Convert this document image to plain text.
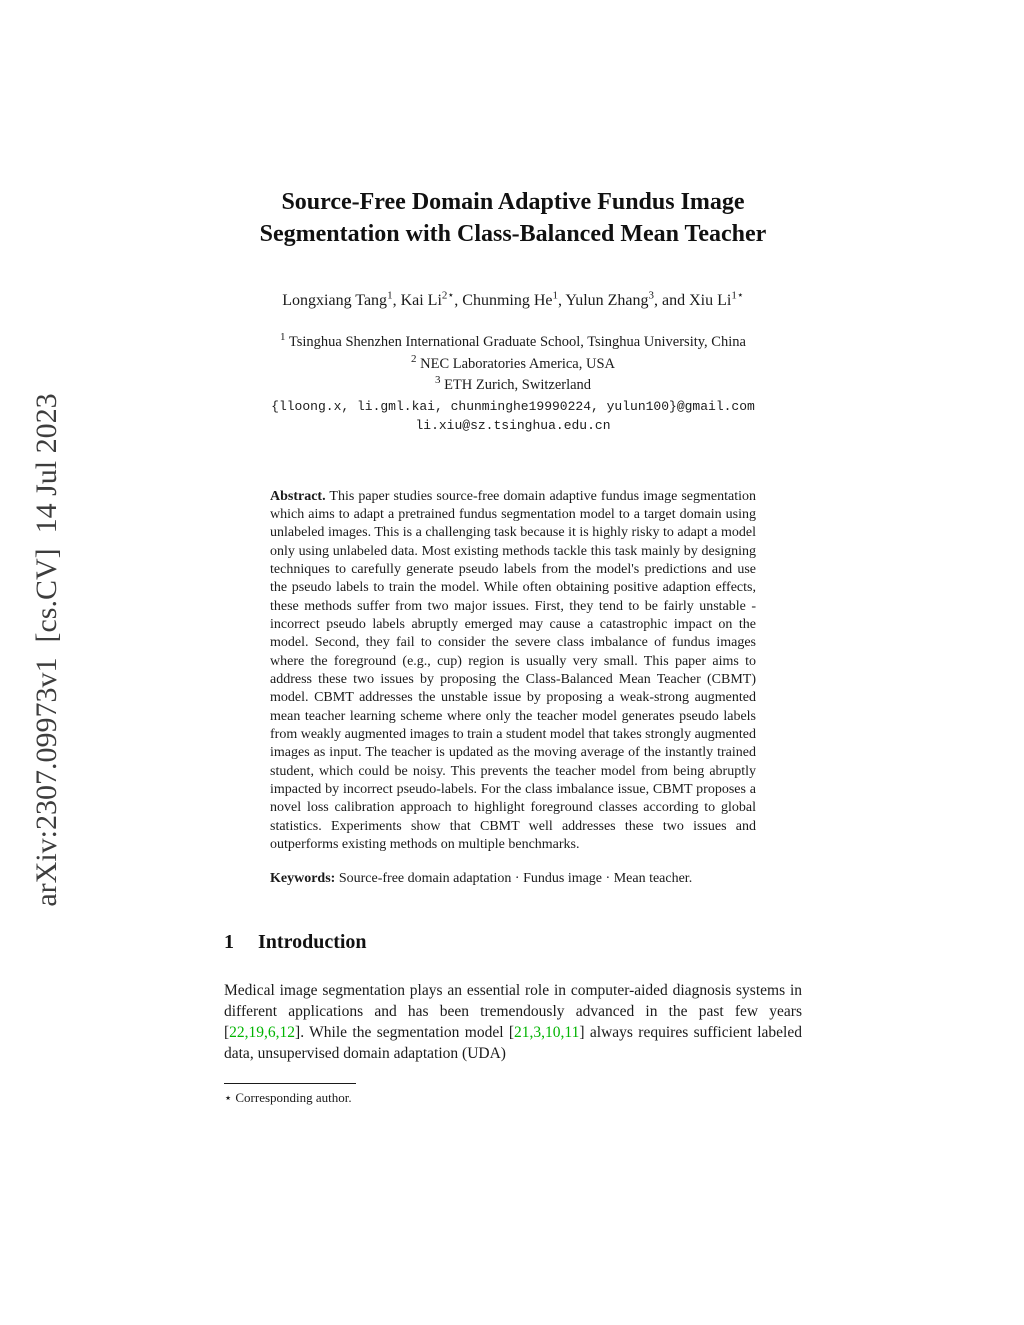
arXiv:2307.09973v1  [cs.CV]  14 Jul 2023
Source-Free Domain Adaptive Fundus Image
Segmentation with Class-Balanced Mean Teacher
Longxiang Tang$^1$, Kai $Li^{2⋆}$, Chunming He$^1$, Yulun Zhang$^3$, and Xiu $Li^{1⋆}$
$^1$ Tsinghua Shenzhen International Graduate School, Tsinghua University, China
$^2$ NEC Laboratories America, USA
$^3$ ETH Zurich, Switzerland
{lloong.x, li.gml.kai, chunminghe19990224, yulun100}@gmail.com
li.xiu@sz.tsinghua.edu.cn
Abstract. This paper studies source-free domain adaptive fundus image segmentation which aims to adapt a pretrained fundus segmentation model to a target domain using unlabeled images. This is a challenging task because it is highly risky to adapt a model only using unlabeled data. Most existing methods tackle this task mainly by designing techniques to carefully generate pseudo labels from the model's predictions and use the pseudo labels to train the model. While often obtaining positive adaption effects, these methods suffer from two major issues. First, they tend to be fairly unstable - incorrect pseudo labels abruptly emerged may cause a catastrophic impact on the model. Second, they fail to consider the severe class imbalance of fundus images where the foreground (e.g., cup) region is usually very small. This paper aims to address these two issues by proposing the Class-Balanced Mean Teacher (CBMT) model. CBMT addresses the unstable issue by proposing a weak-strong augmented mean teacher learning scheme where only the teacher model generates pseudo labels from weakly augmented images to train a student model that takes strongly augmented images as input. The teacher is updated as the moving average of the instantly trained student, which could be noisy. This prevents the teacher model from being abruptly impacted by incorrect pseudo-labels. For the class imbalance issue, CBMT proposes a novel loss calibration approach to highlight foreground classes according to global statistics. Experiments show that CBMT well addresses these two issues and outperforms existing methods on multiple benchmarks.
Keywords: Source-free domain adaptation · Fundus image · Mean teacher.
1 Introduction

Medical image segmentation plays an essential role in computer-aided diagnosis systems in different applications and has been tremendously advanced in the past few years [22,19,6,12]. While the segmentation model [21,3,10,11] always requires sufficient labeled data, unsupervised domain adaptation (UDA)

⋆ Corresponding author.
